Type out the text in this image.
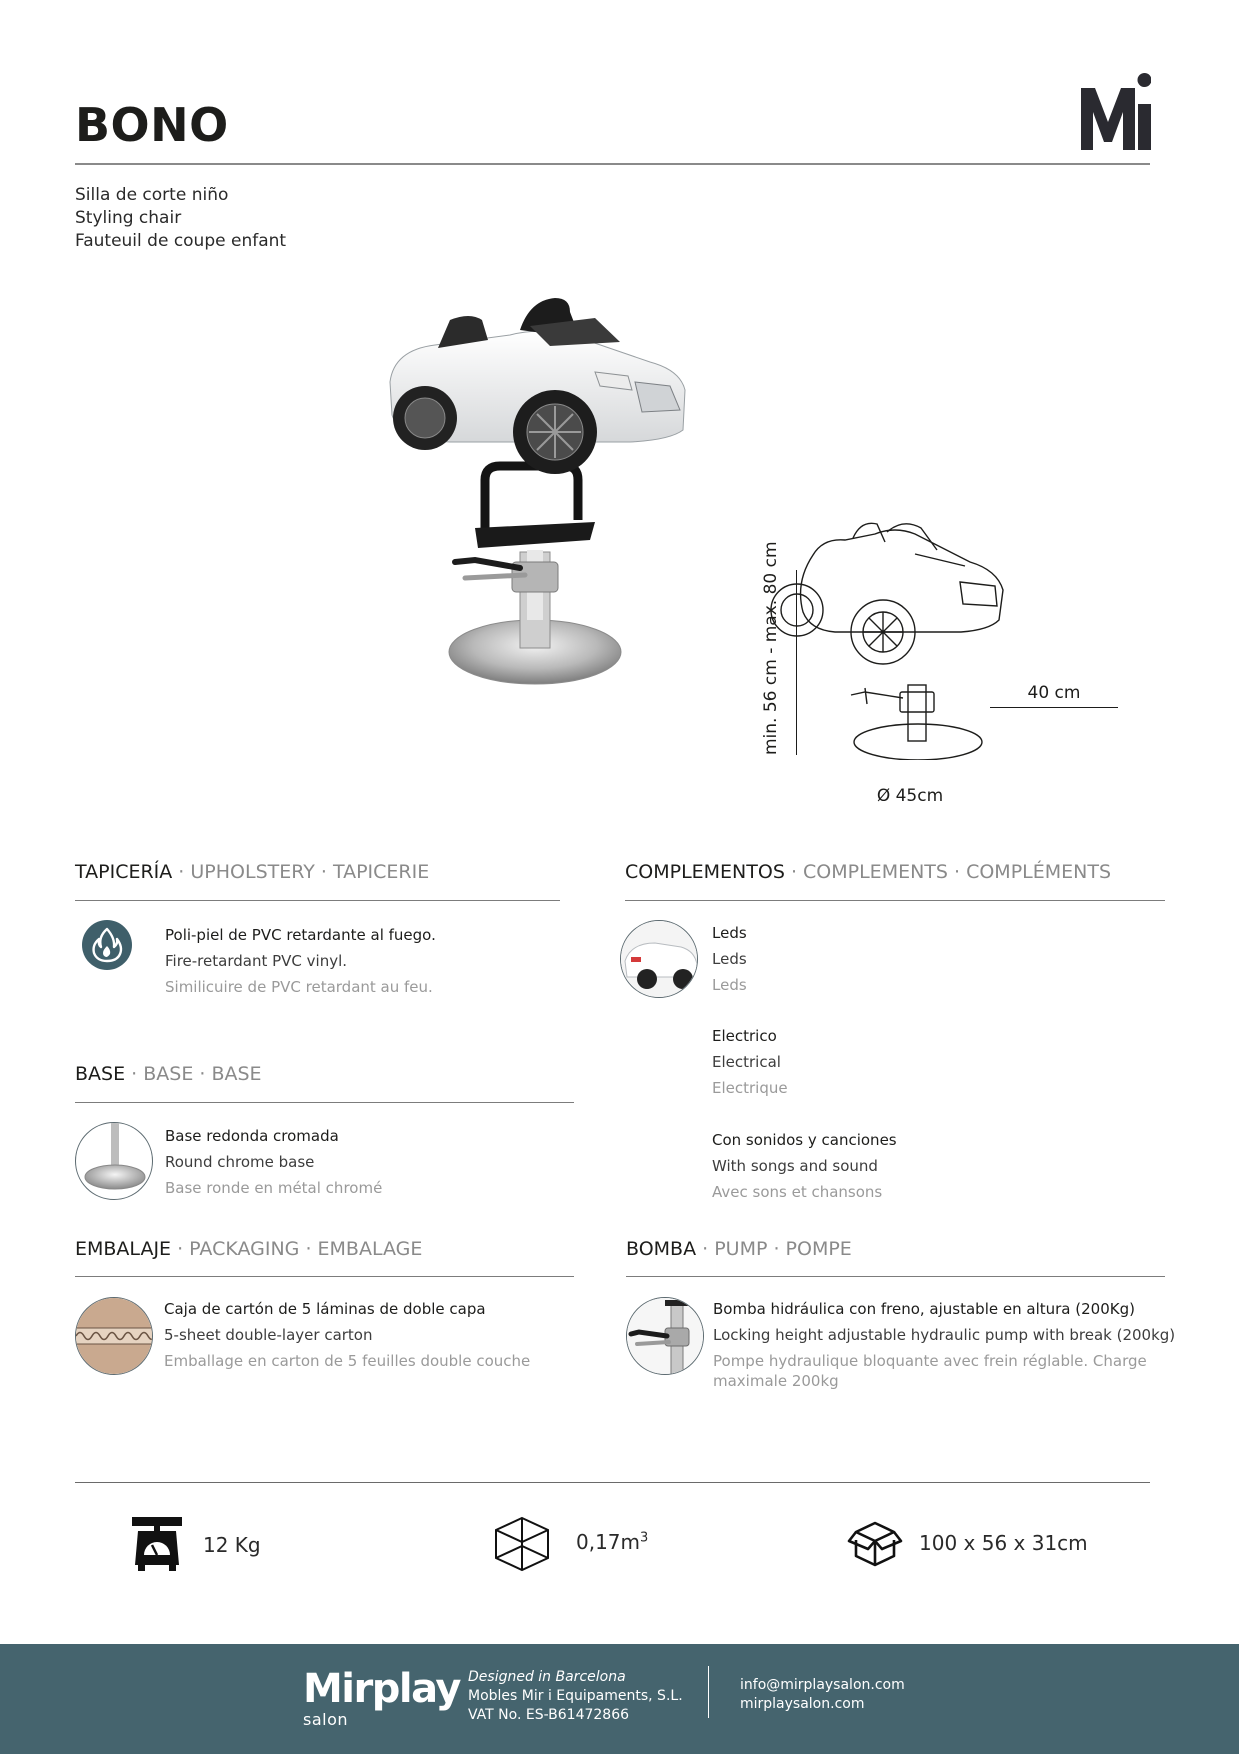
BONO
Silla de corte niño
Styling chair
Fauteuil de coupe enfant
min. 56 cm - max. 80 cm	40 cm
Ø 45cm
TAPICERÍA · UPHOLSTERY · TAPICERIE
Poli-piel de PVC retardante al fuego.
Fire-retardant PVC vinyl.
Similicuire de PVC retardant au feu.
BASE · BASE · BASE
Base redonda cromada
Round chrome base
Base ronde en métal chromé
EMBALAJE · PACKAGING · EMBALAGE
Caja de cartón de 5 láminas de doble capa
5-sheet double-layer carton
Emballage en carton de 5 feuilles double couche
COMPLEMENTOS · COMPLEMENTS · COMPLÉMENTS
Leds
Leds
Leds
Electrico
Electrical
Electrique
Con sonidos y canciones
With songs and sound
Avec sons et chansons
BOMBA · PUMP · POMPE
Bomba hidráulica con freno, ajustable en altura (200Kg)
Locking height adjustable hydraulic pump with break (200kg)
Pompe hydraulique bloquante avec frein réglable. Charge maximale 200kg
12 Kg	$0,17m^3$	100 x 56 x 31cm
Mirplay
salon
Designed in Barcelona
Mobles Mir i Equipaments, S.L.
VAT No. ES-B61472866
info@mirplaysalon.com
mirplaysalon.com
